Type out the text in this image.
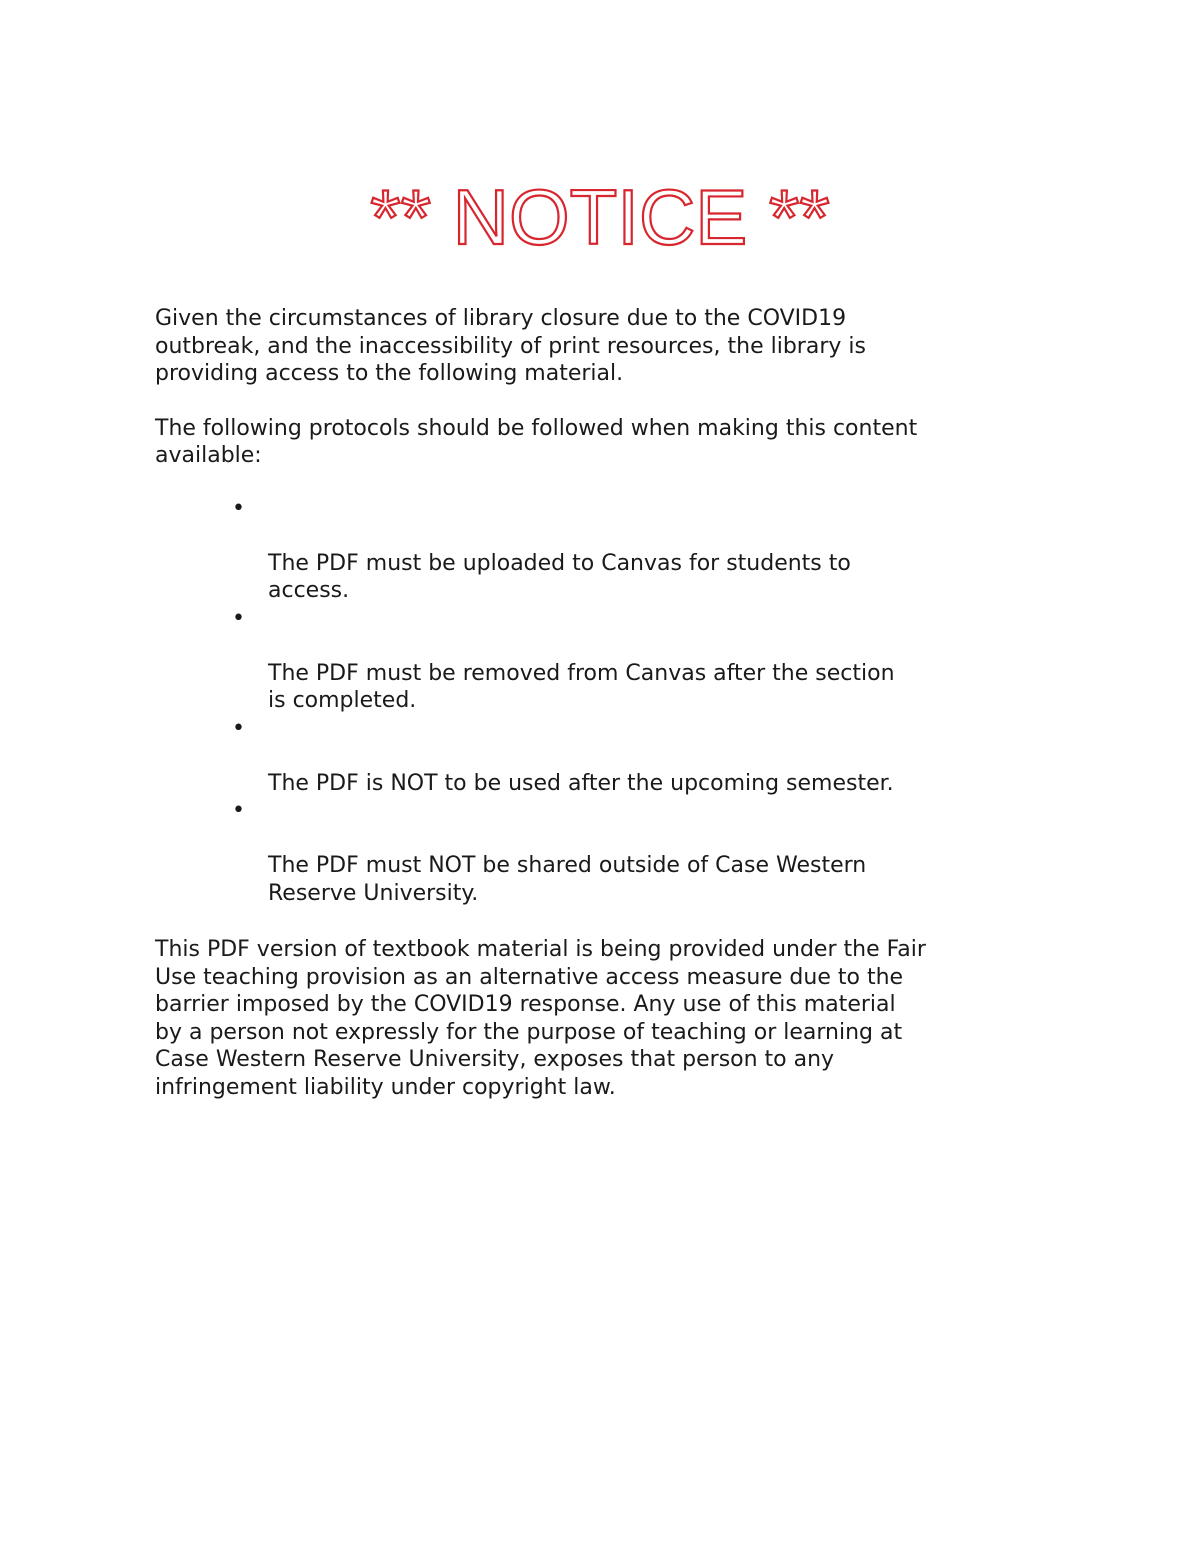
** NOTICE **

Given the circumstances of library closure due to the COVID19
outbreak, and the inaccessibility of print resources, the library is
providing access to the following material.

The following protocols should be followed when making this content
available:

•

The PDF must be uploaded to Canvas for students to
access.

•

The PDF must be removed from Canvas after the section
is completed.

•

The PDF is NOT to be used after the upcoming semester.

•

The PDF must NOT be shared outside of Case Western
Reserve University.

This PDF version of textbook material is being provided under the Fair
Use teaching provision as an alternative access measure due to the
barrier imposed by the COVID19 response. Any use of this material
by a person not expressly for the purpose of teaching or learning at
Case Western Reserve University, exposes that person to any
infringement liability under copyright law.
